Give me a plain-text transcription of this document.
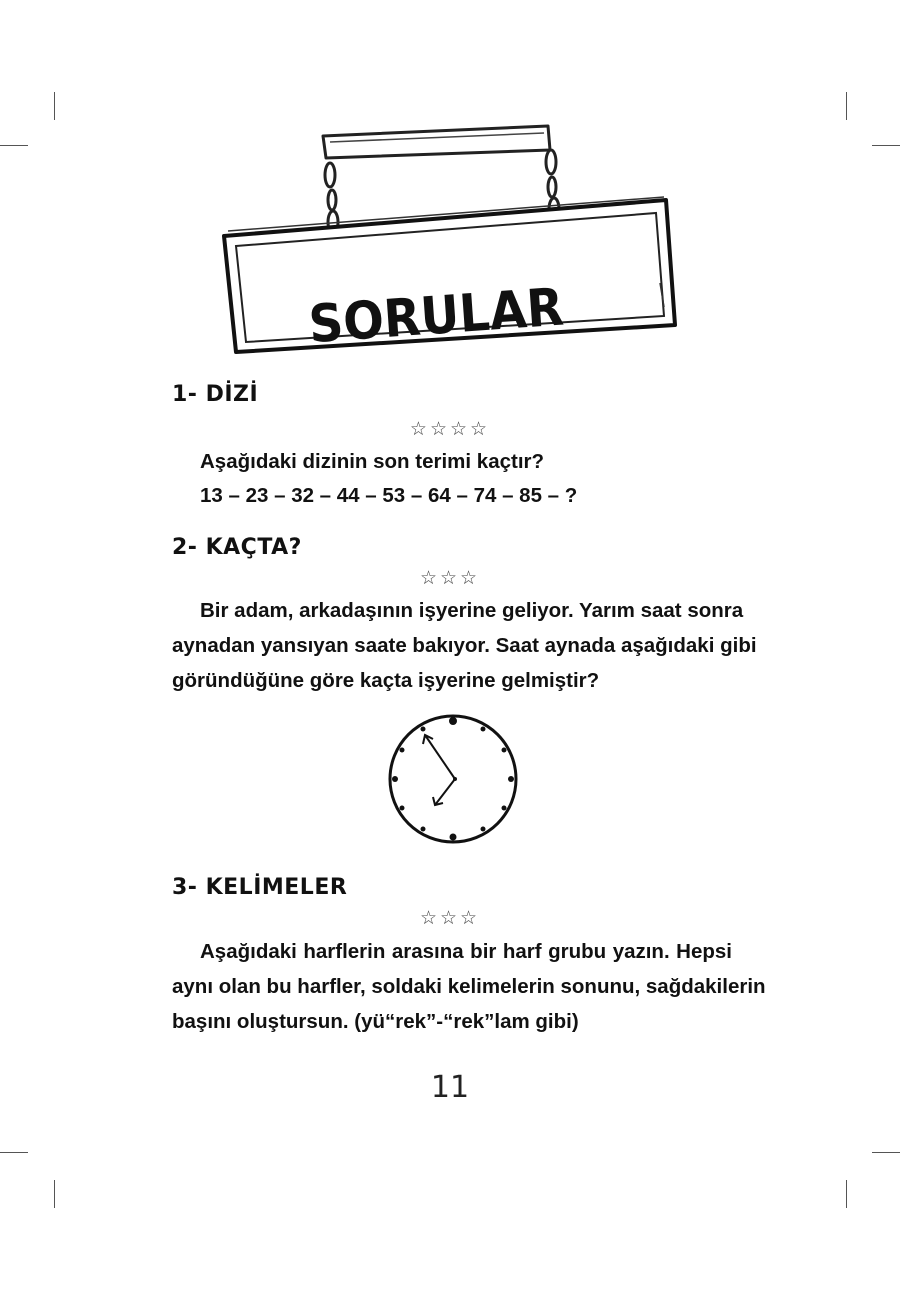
SORULAR
1- DİZİ
☆☆☆☆
Aşağıdaki dizinin son terimi kaçtır?
13 – 23 – 32 – 44 – 53 – 64 – 74 – 85 – ?
2- KAÇTA?
☆☆☆
Bir adam, arkadaşının işyerine geliyor. Yarım saat sonra
aynadan yansıyan saate bakıyor. Saat aynada aşağıdaki gibi
göründüğüne göre kaçta işyerine gelmiştir?
3- KELİMELER
☆☆☆
Aşağıdaki harflerin arasına bir harf grubu yazın. Hepsi
aynı olan bu harfler, soldaki kelimelerin sonunu, sağdakilerin
başını oluştursun. (yü“rek”-“rek”lam gibi)
11
